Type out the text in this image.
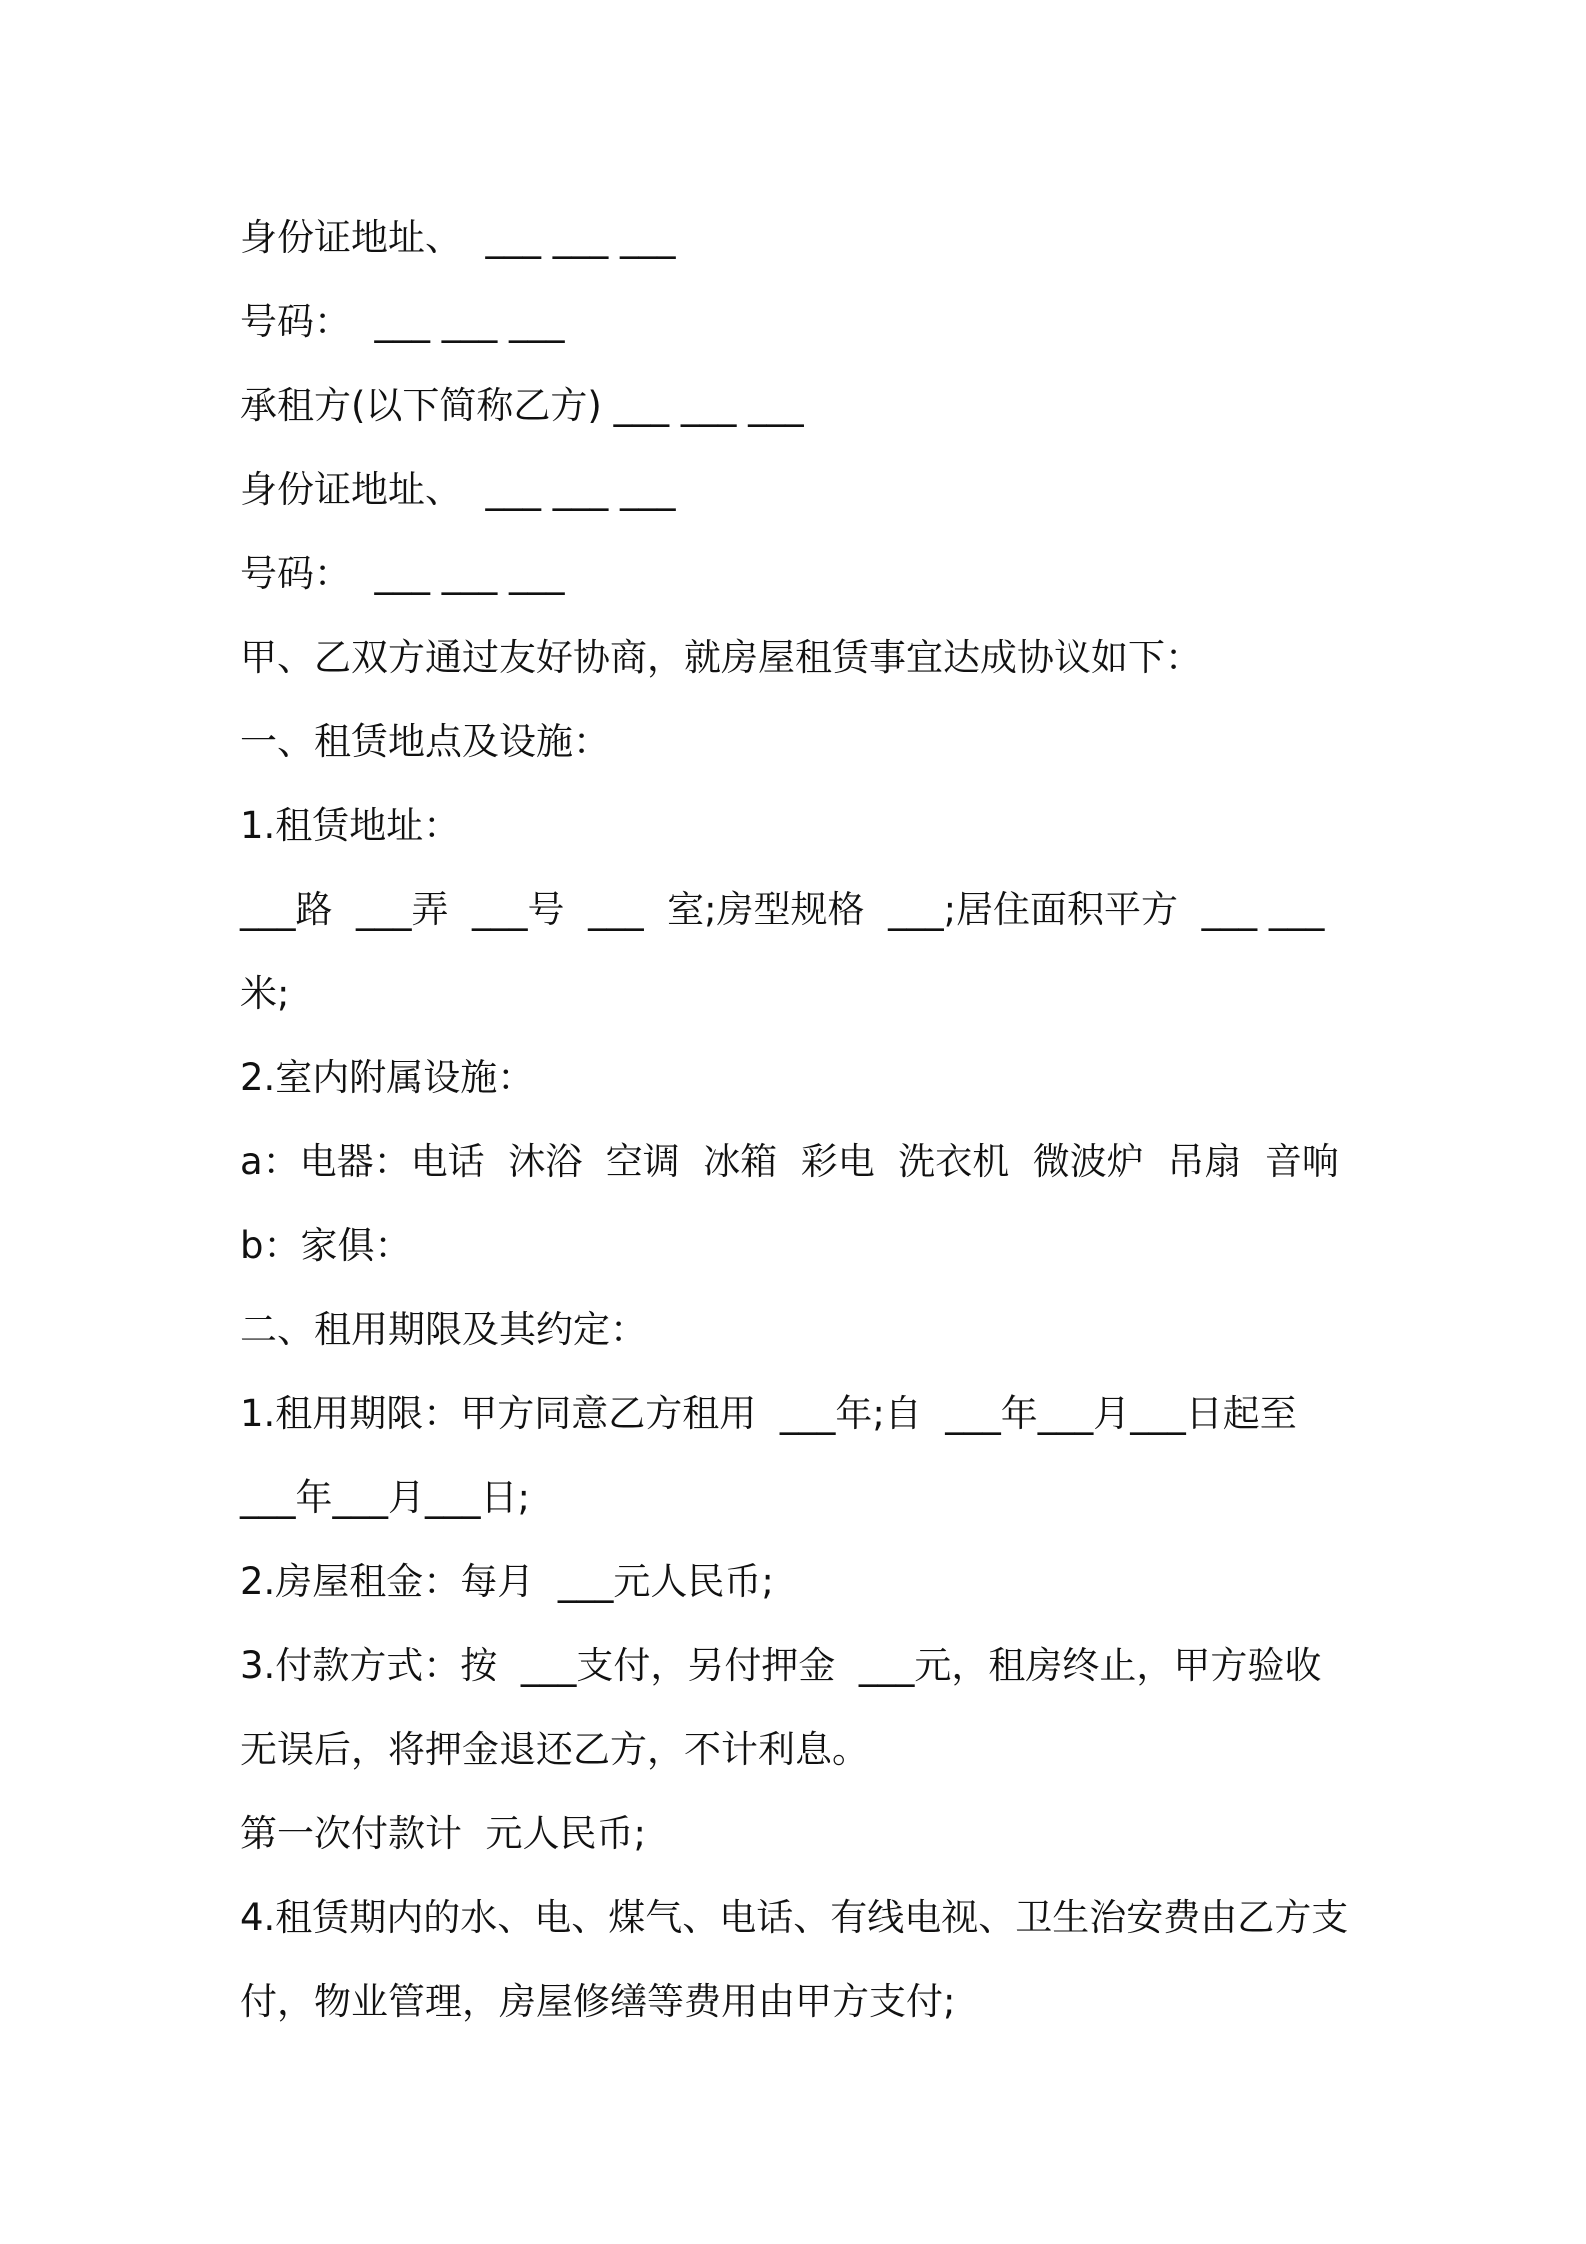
身份证地址、  ___ ___ ___

号码：  ___ ___ ___

承租方(以下简称乙方) ___ ___ ___

身份证地址、  ___ ___ ___

号码：  ___ ___ ___

甲、乙双方通过友好协商，就房屋租赁事宜达成协议如下：

一、租赁地点及设施：

1.租赁地址：

___路  ___弄  ___号  ___  室;房型规格  ___;居住面积平方  ___ ___

米;

2.室内附属设施：

a：电器：电话  沐浴  空调  冰箱  彩电  洗衣机  微波炉  吊扇  音响

b：家俱：

二、租用期限及其约定：

1.租用期限：甲方同意乙方租用  ___年;自  ___年___月___日起至

___年___月___日;

2.房屋租金：每月  ___元人民币;

3.付款方式：按  ___支付，另付押金  ___元，租房终止，甲方验收

无误后，将押金退还乙方，不计利息。

第一次付款计  元人民币;

4.租赁期内的水、电、煤气、电话、有线电视、卫生治安费由乙方支

付，物业管理，房屋修缮等费用由甲方支付;
